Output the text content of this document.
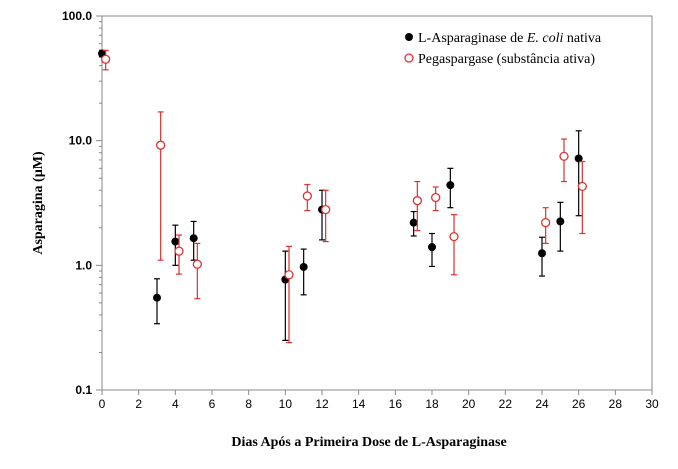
0 2 4 6 8 10 12 14 16 18 20 22 24 26 28 30
0.1
1.0
10.0
100.0
Dias Após a Primeira Dose de L-Asparaginase
Asparagina (µM)
L-Asparaginase de E. coli nativa
Pegaspargase (substância ativa)
